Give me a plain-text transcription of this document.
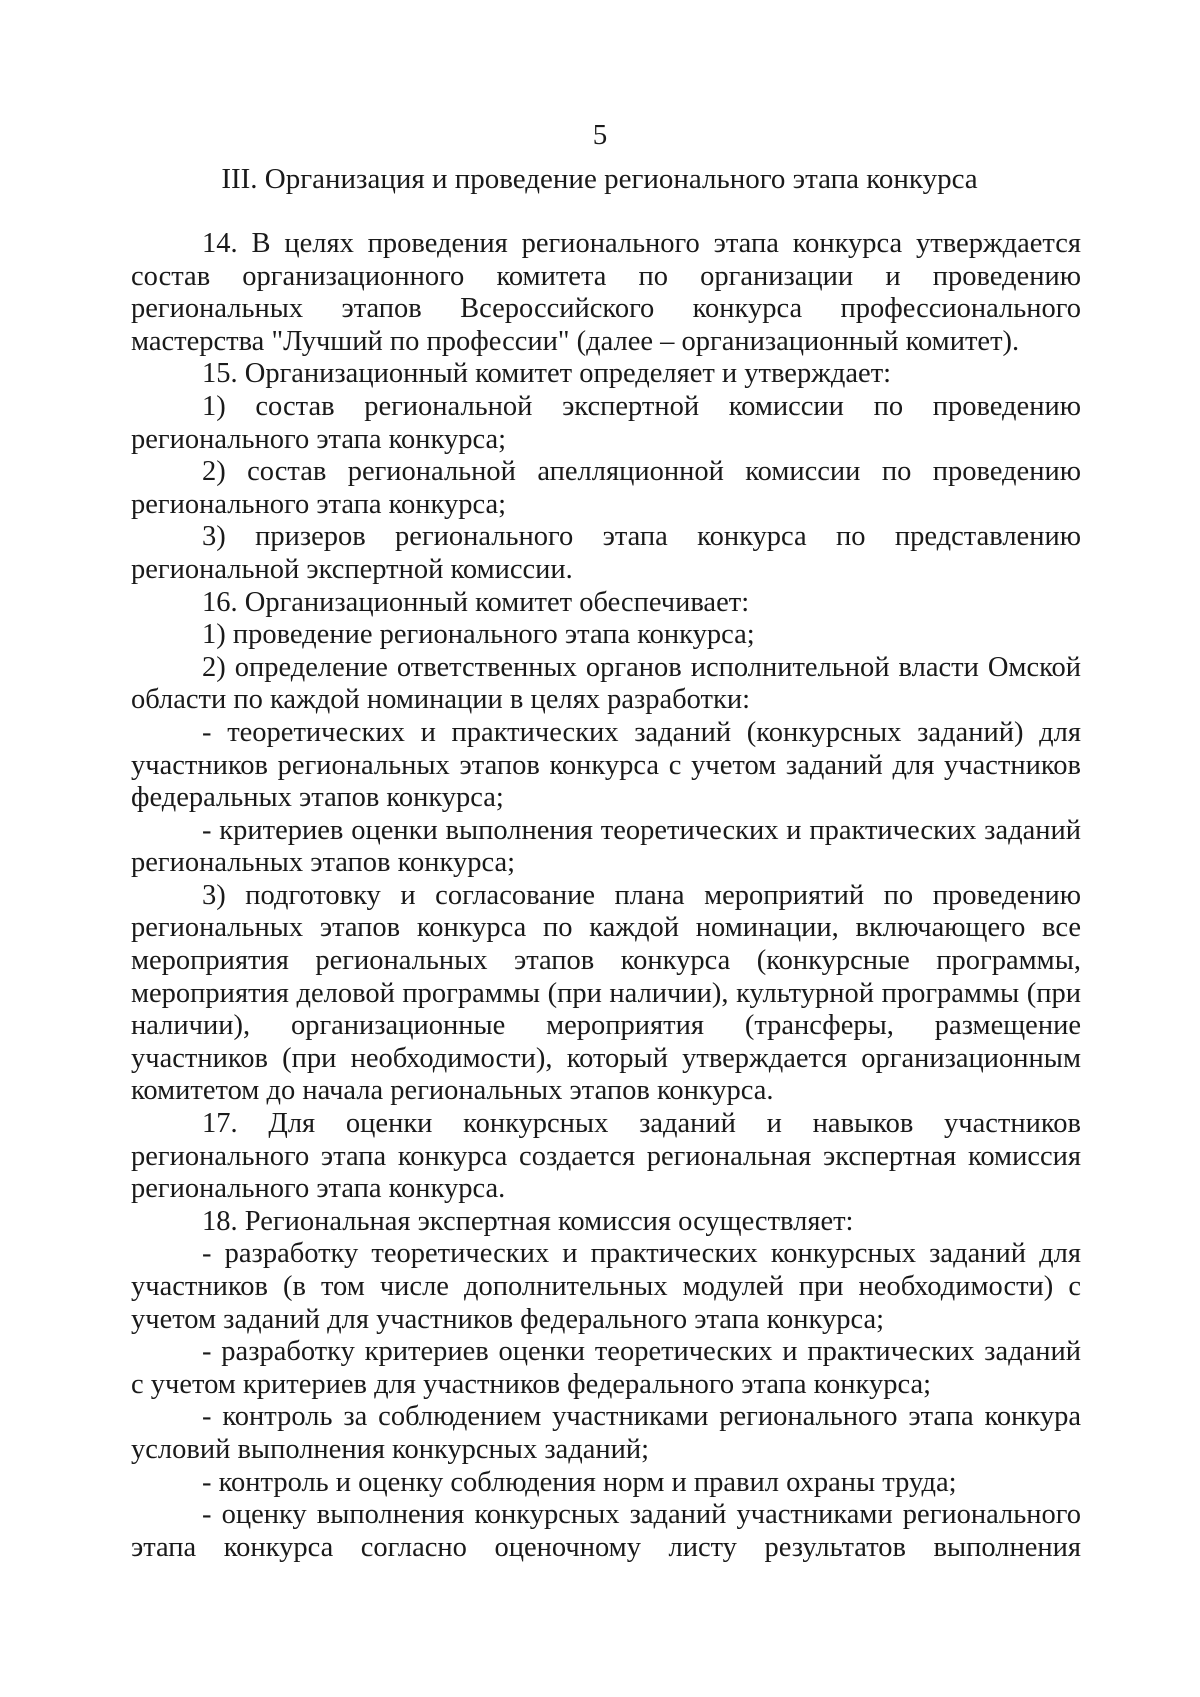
5
III. Организация и проведение регионального этапа конкурса

14. В целях проведения регионального этапа конкурса утверждается состав организационного комитета по организации и проведению региональных этапов Всероссийского конкурса профессионального мастерства "Лучший по профессии" (далее – организационный комитет).

15. Организационный комитет определяет и утверждает:

1) состав региональной экспертной комиссии по проведению регионального этапа конкурса;

2) состав региональной апелляционной комиссии по проведению регионального этапа конкурса;

3) призеров регионального этапа конкурса по представлению региональной экспертной комиссии.

16. Организационный комитет обеспечивает:

1) проведение регионального этапа конкурса;

2) определение ответственных органов исполнительной власти Омской области по каждой номинации в целях разработки:

- теоретических и практических заданий (конкурсных заданий) для участников региональных этапов конкурса с учетом заданий для участников федеральных этапов конкурса;

- критериев оценки выполнения теоретических и практических заданий региональных этапов конкурса;

3) подготовку и согласование плана мероприятий по проведению региональных этапов конкурса по каждой номинации, включающего все мероприятия региональных этапов конкурса (конкурсные программы, мероприятия деловой программы (при наличии), культурной программы (при наличии), организационные мероприятия (трансферы, размещение участников (при необходимости), который утверждается организационным комитетом до начала региональных этапов конкурса.

17. Для оценки конкурсных заданий и навыков участников регионального этапа конкурса создается региональная экспертная комиссия регионального этапа конкурса.

18. Региональная экспертная комиссия осуществляет:

- разработку теоретических и практических конкурсных заданий для участников (в том числе дополнительных модулей при необходимости) с учетом заданий для участников федерального этапа конкурса;

- разработку критериев оценки теоретических и практических заданий с учетом критериев для участников федерального этапа конкурса;

- контроль за соблюдением участниками регионального этапа конкура условий выполнения конкурсных заданий;

- контроль и оценку соблюдения норм и правил охраны труда;

- оценку выполнения конкурсных заданий участниками регионального этапа конкурса согласно оценочному листу результатов выполнения
